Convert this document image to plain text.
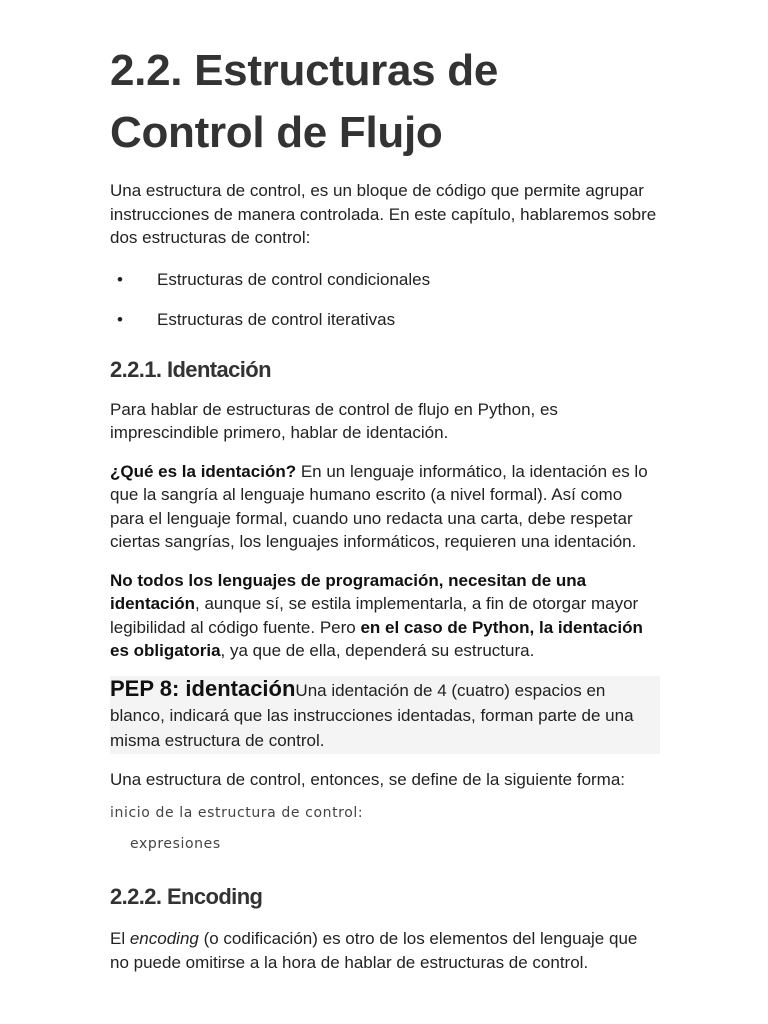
2.2. Estructuras de
Control de Flujo

Una estructura de control, es un bloque de código que permite agrupar instrucciones de manera controlada. En este capítulo, hablaremos sobre dos estructuras de control:

• Estructuras de control condicionales
• Estructuras de control iterativas
2.2.1. Identación

Para hablar de estructuras de control de flujo en Python, es imprescindible primero, hablar de identación.

¿Qué es la identación? En un lenguaje informático, la identación es lo que la sangría al lenguaje humano escrito (a nivel formal). Así como para el lenguaje formal, cuando uno redacta una carta, debe respetar ciertas sangrías, los lenguajes informáticos, requieren una identación.

No todos los lenguajes de programación, necesitan de una identación, aunque sí, se estila implementarla, a fin de otorgar mayor legibilidad al código fuente. Pero en el caso de Python, la identación es obligatoria, ya que de ella, dependerá su estructura.

PEP 8: identaciónUna identación de 4 (cuatro) espacios en blanco, indicará que las instrucciones identadas, forman parte de una misma estructura de control.

Una estructura de control, entonces, se define de la siguiente forma:

inicio de la estructura de control:
expresiones
2.2.2. Encoding

El encoding (o codificación) es otro de los elementos del lenguaje que no puede omitirse a la hora de hablar de estructuras de control.
